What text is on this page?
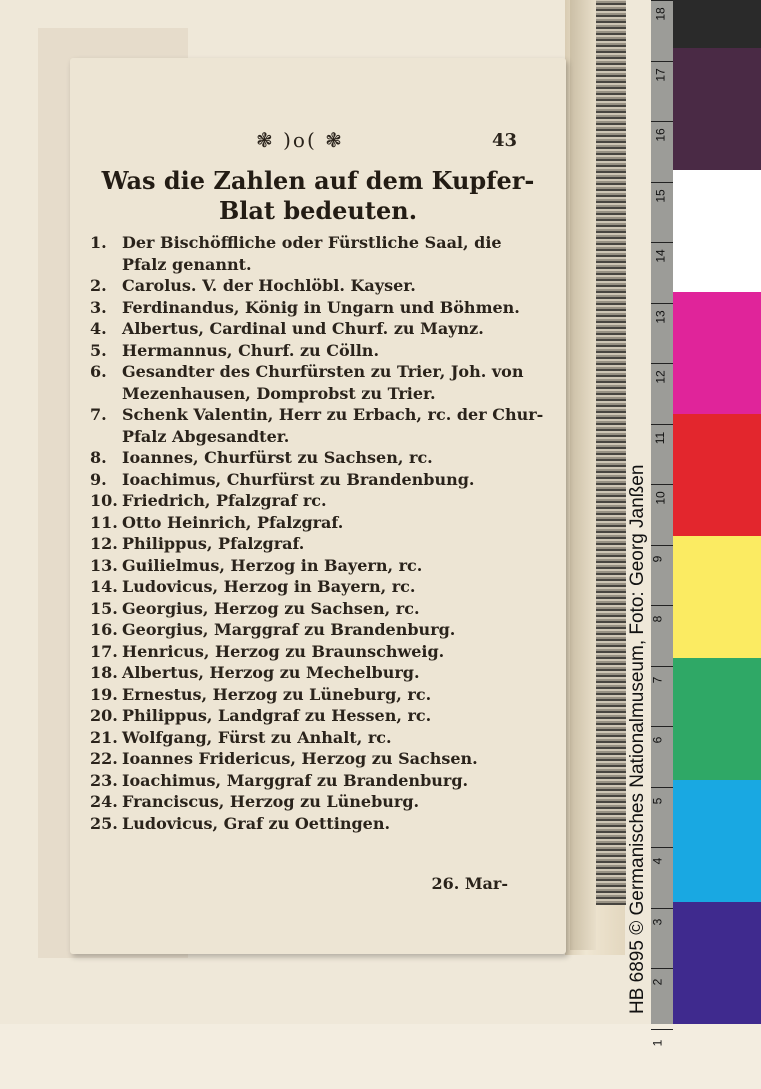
❃ )o( ❃	43
Was die Zahlen auf dem Kupfer-Blat bedeuten.
1. Der Bischöffliche oder Fürstliche Saal, die Pfalz genannt.
2. Carolus. V. der Hochlöbl. Kayser.
3. Ferdinandus, König in Ungarn und Böhmen.
4. Albertus, Cardinal und Churf. zu Maynz.
5. Hermannus, Churf. zu Cölln.
6. Gesandter des Churfürsten zu Trier, Joh. von Mezenhausen, Domprobst zu Trier.
7. Schenk Valentin, Herr zu Erbach, rc. der Chur-Pfalz Abgesandter.
8. Ioannes, Churfürst zu Sachsen, rc.
9. Ioachimus, Churfürst zu Brandenbung.
10. Friedrich, Pfalzgraf rc.
11. Otto Heinrich, Pfalzgraf.
12. Philippus, Pfalzgraf.
13. Guilielmus, Herzog in Bayern, rc.
14. Ludovicus, Herzog in Bayern, rc.
15. Georgius, Herzog zu Sachsen, rc.
16. Georgius, Marggraf zu Brandenburg.
17. Henricus, Herzog zu Braunschweig.
18. Albertus, Herzog zu Mechelburg.
19. Ernestus, Herzog zu Lüneburg, rc.
20. Philippus, Landgraf zu Hessen, rc.
21. Wolfgang, Fürst zu Anhalt, rc.
22. Ioannes Fridericus, Herzog zu Sachsen.
23. Ioachimus, Marggraf zu Brandenburg.
24. Franciscus, Herzog zu Lüneburg.
25. Ludovicus, Graf zu Oettingen.
26. Mar-	HB 6895 © Germanisches Nationalmuseum, Foto: Georg Janßen
18
17
16
15
14
13
12
11
10
9
8
7
6
5
4
3
2
1
